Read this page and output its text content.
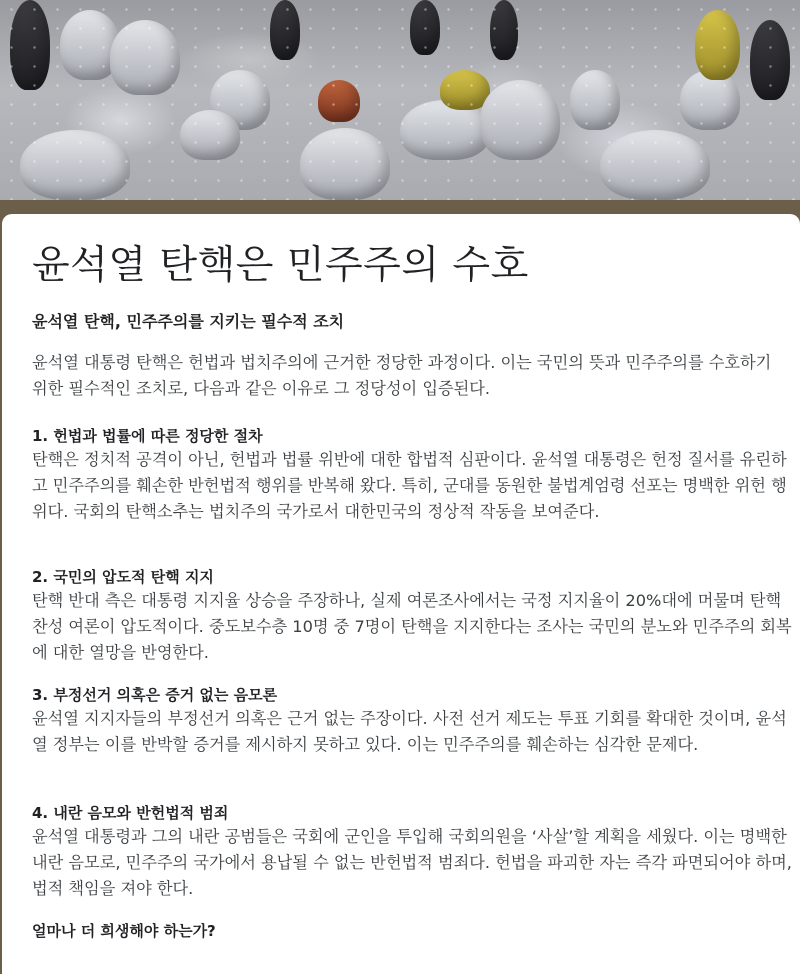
윤석열 탄핵은 민주주의 수호
윤석열 탄핵, 민주주의를 지키는 필수적 조치

윤석열 대통령 탄핵은 헌법과 법치주의에 근거한 정당한 과정이다. 이는 국민의 뜻과 민주주의를 수호하기 위한 필수적인 조치로, 다음과 같은 이유로 그 정당성이 입증된다.

1. 헌법과 법률에 따른 정당한 절차

탄핵은 정치적 공격이 아닌, 헌법과 법률 위반에 대한 합법적 심판이다. 윤석열 대통령은 헌정 질서를 유린하고 민주주의를 훼손한 반헌법적 행위를 반복해 왔다. 특히, 군대를 동원한 불법계엄령 선포는 명백한 위헌 행위다. 국회의 탄핵소추는 법치주의 국가로서 대한민국의 정상적 작동을 보여준다.

2. 국민의 압도적 탄핵 지지

탄핵 반대 측은 대통령 지지율 상승을 주장하나, 실제 여론조사에서는 국정 지지율이 20%대에 머물며 탄핵 찬성 여론이 압도적이다. 중도보수층 10명 중 7명이 탄핵을 지지한다는 조사는 국민의 분노와 민주주의 회복에 대한 열망을 반영한다.

3. 부정선거 의혹은 증거 없는 음모론

윤석열 지지자들의 부정선거 의혹은 근거 없는 주장이다. 사전 선거 제도는 투표 기회를 확대한 것이며, 윤석열 정부는 이를 반박할 증거를 제시하지 못하고 있다. 이는 민주주의를 훼손하는 심각한 문제다.

4. 내란 음모와 반헌법적 범죄

윤석열 대통령과 그의 내란 공범들은 국회에 군인을 투입해 국회의원을 ‘사살’할 계획을 세웠다. 이는 명백한 내란 음모로, 민주주의 국가에서 용납될 수 없는 반헌법적 범죄다. 헌법을 파괴한 자는 즉각 파면되어야 하며, 법적 책임을 져야 한다.

얼마나 더 희생해야 하는가?
